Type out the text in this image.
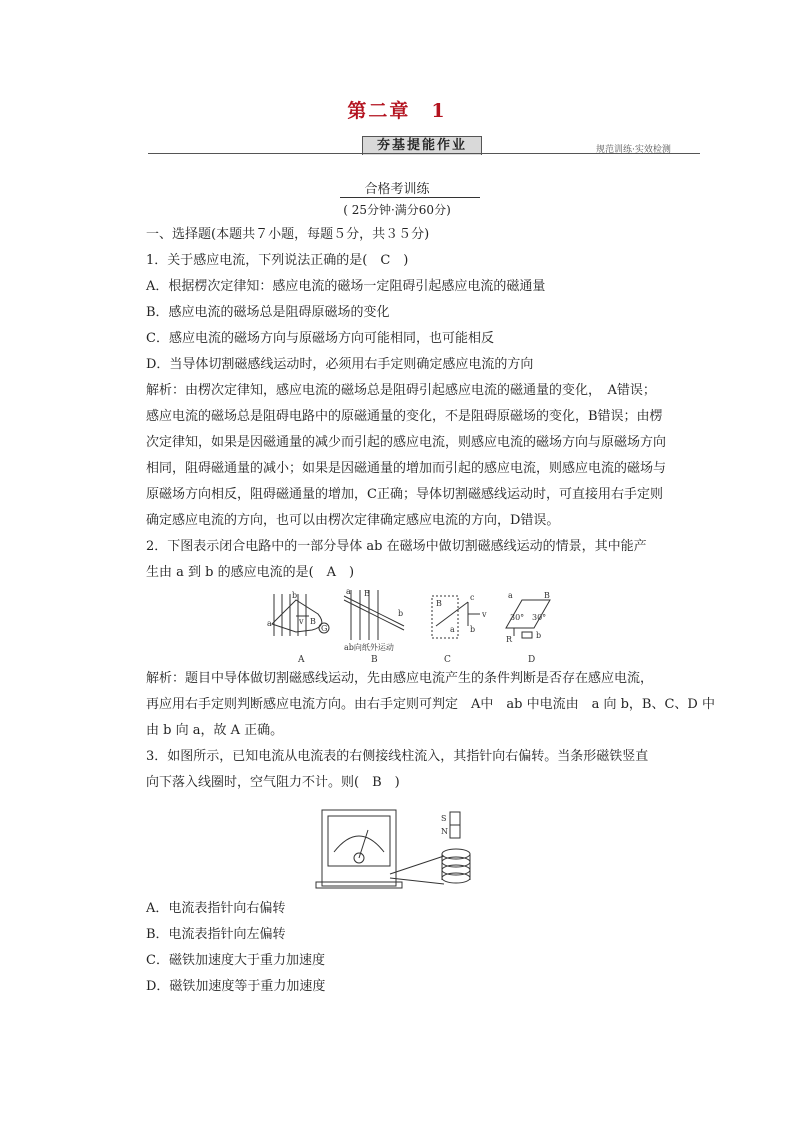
第二章　1
夯基提能作业	规范训练·实效检测
合格考训练
( 25分钟·满分60分)

一、选择题(本题共７小题，每题５分，共３５分)

1．关于感应电流，下列说法正确的是(　C　)

A．根据楞次定律知：感应电流的磁场一定阻碍引起感应电流的磁通量

B．感应电流的磁场总是阻碍原磁场的变化

C．感应电流的磁场方向与原磁场方向可能相同，也可能相反

D．当导体切割磁感线运动时，必须用右手定则确定感应电流的方向

解析：由楞次定律知，感应电流的磁场总是阻碍引起感应电流的磁通量的变化，　A错误；

感应电流的磁场总是阻碍电路中的原磁通量的变化，不是阻碍原磁场的变化，B错误；由楞

次定律知，如果是因磁通量的减少而引起的感应电流，则感应电流的磁场方向与原磁场方向

相同，阻碍磁通量的减小；如果是因磁通量的增加而引起的感应电流，则感应电流的磁场与

原磁场方向相反，阻碍磁通量的增加，C正确；导体切割磁感线运动时，可直接用右手定则

确定感应电流的方向，也可以由楞次定律确定感应电流的方向，D错误。

2．下图表示闭合电路中的一部分导体 ab 在磁场中做切割磁感线运动的情景，其中能产

生由 a 到 b 的感应电流的是(　A　)

a
b
v B
G
a B
b
ab向纸外运动
B
c
v
b
a
a	B
30° 30°
R	b
A	B	C	D

解析：题目中导体做切割磁感线运动，先由感应电流产生的条件判断是否存在感应电流，

再应用右手定则判断感应电流方向。由右手定则可判定　A中　ab 中电流由　a 向 b，B、C、D 中

由 b 向 a，故 A 正确。

3．如图所示，已知电流从电流表的右侧接线柱流入，其指针向右偏转。当条形磁铁竖直

向下落入线圈时，空气阻力不计。则(　B　)

S
N

A．电流表指针向右偏转

B．电流表指针向左偏转

C．磁铁加速度大于重力加速度

D．磁铁加速度等于重力加速度
